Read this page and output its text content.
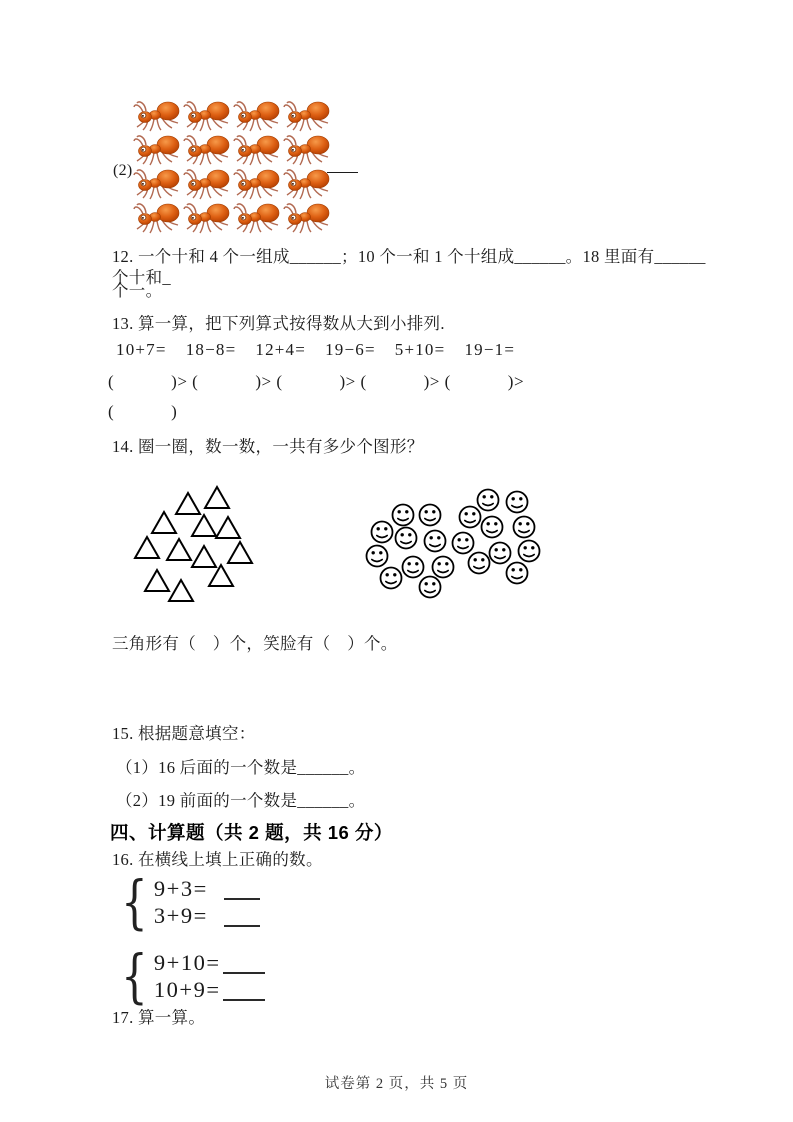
(2)
12. 一个十和 4 个一组成______；10 个一和 1 个十组成______。18 里面有______个十和_
个一。
13. 算一算，把下列算式按得数从大到小排列.
10+7= 18−8= 12+4= 19−6= 5+10= 19−1=
(            )> (            )> (            )> (            )> (            )>
(            )
14. 圈一圈，数一数，一共有多少个图形？
三角形有（　）个，笑脸有（　）个。
15. 根据题意填空：
（1）16 后面的一个数是______。
（2）19 前面的一个数是______。
四、计算题（共 2 题，共 16 分）
16. 在横线上填上正确的数。
{ 9+3=
3+9=
{ 9+10=
10+9=
17. 算一算。
试卷第 2 页，共 5 页
